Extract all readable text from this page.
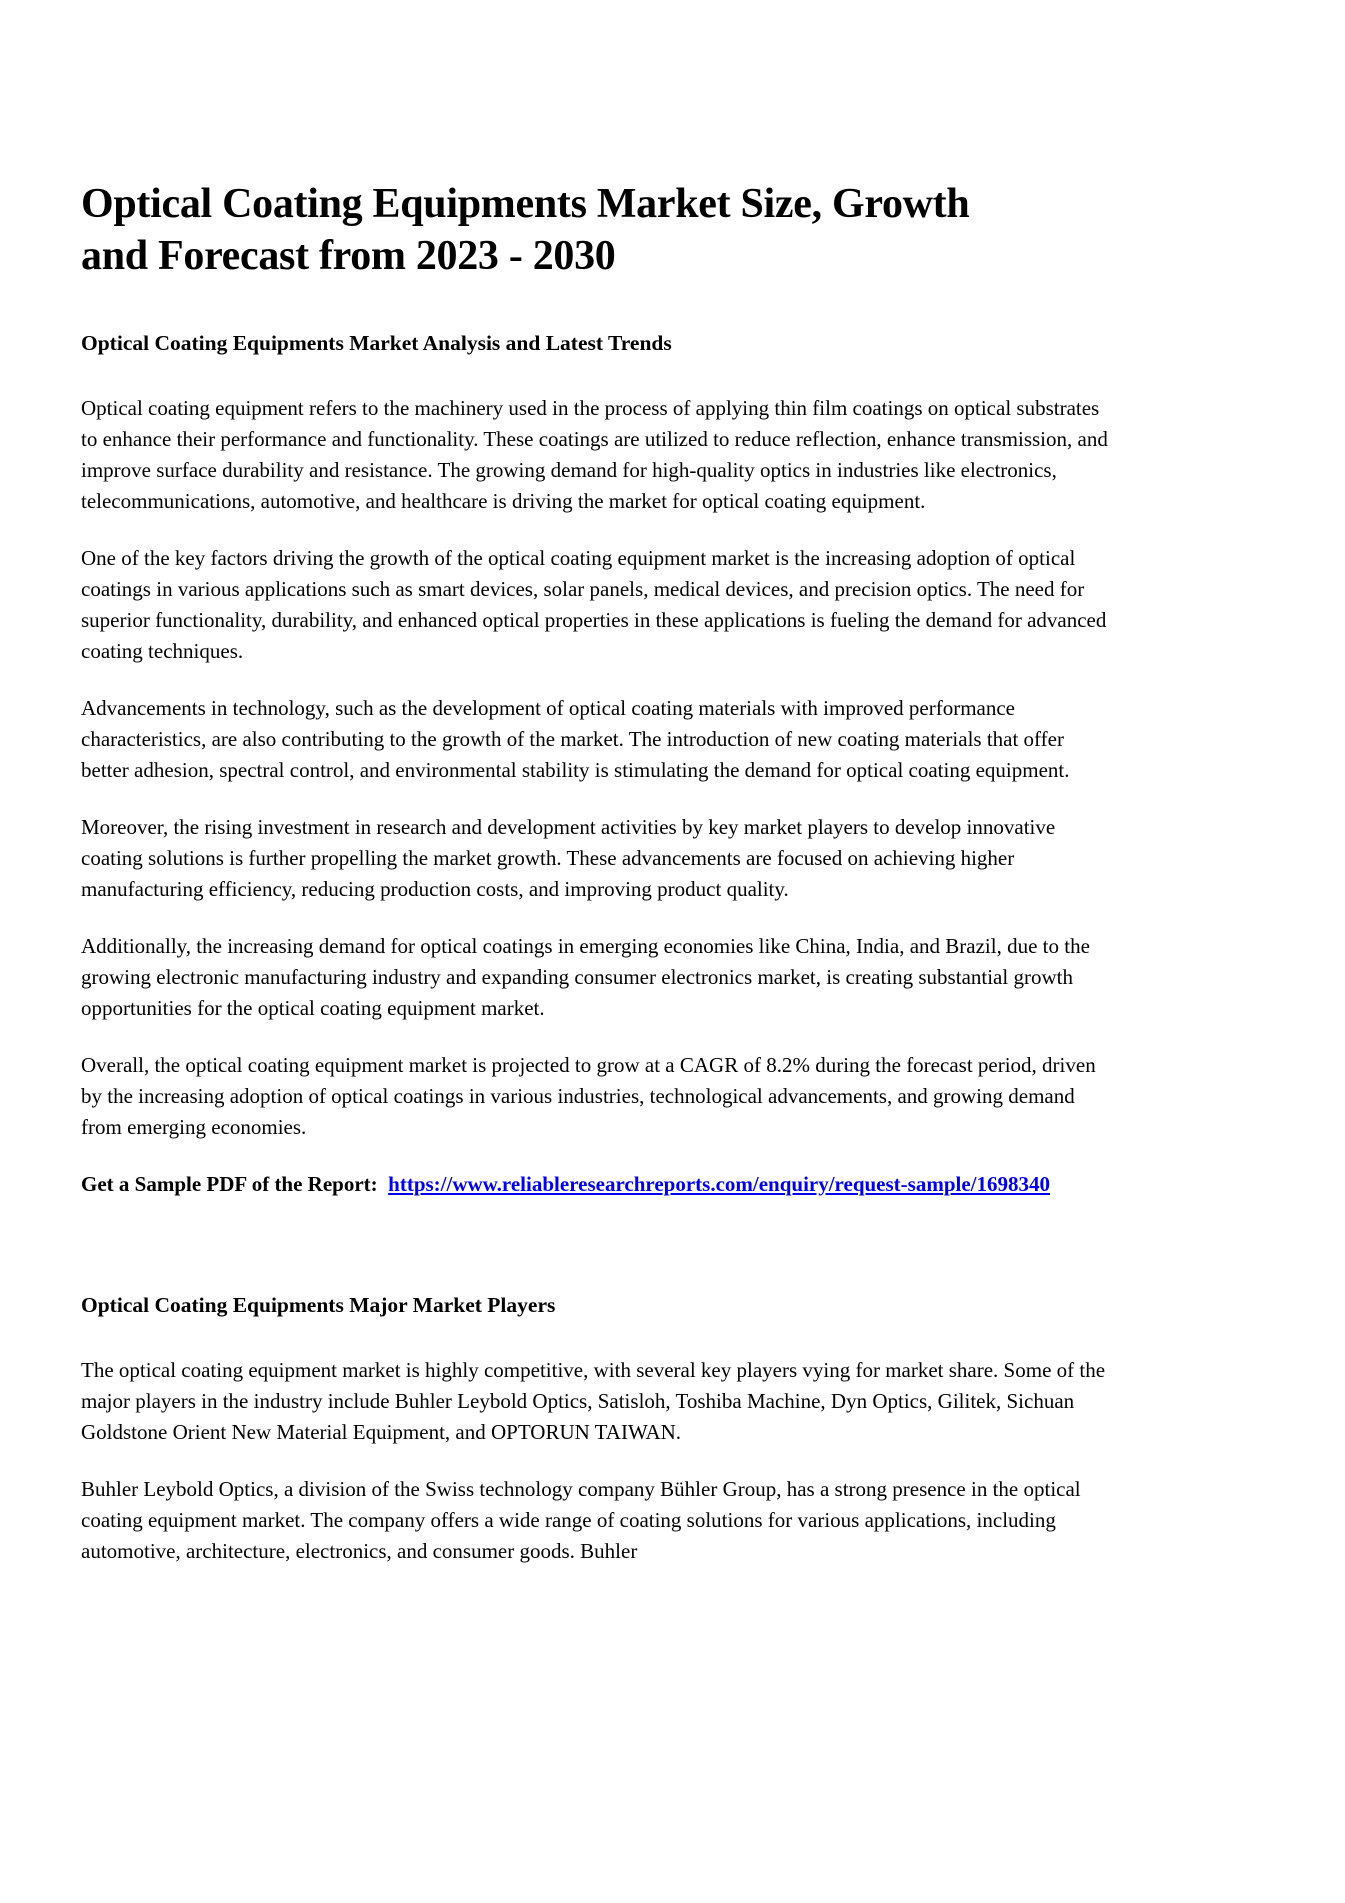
Optical Coating Equipments Market Size, Growth and Forecast from 2023 - 2030
Optical Coating Equipments Market Analysis and Latest Trends

Optical coating equipment refers to the machinery used in the process of applying thin film coatings on optical substrates to enhance their performance and functionality. These coatings are utilized to reduce reflection, enhance transmission, and improve surface durability and resistance. The growing demand for high-quality optics in industries like electronics, telecommunications, automotive, and healthcare is driving the market for optical coating equipment.

One of the key factors driving the growth of the optical coating equipment market is the increasing adoption of optical coatings in various applications such as smart devices, solar panels, medical devices, and precision optics. The need for superior functionality, durability, and enhanced optical properties in these applications is fueling the demand for advanced coating techniques.

Advancements in technology, such as the development of optical coating materials with improved performance characteristics, are also contributing to the growth of the market. The introduction of new coating materials that offer better adhesion, spectral control, and environmental stability is stimulating the demand for optical coating equipment.

Moreover, the rising investment in research and development activities by key market players to develop innovative coating solutions is further propelling the market growth. These advancements are focused on achieving higher manufacturing efficiency, reducing production costs, and improving product quality.

Additionally, the increasing demand for optical coatings in emerging economies like China, India, and Brazil, due to the growing electronic manufacturing industry and expanding consumer electronics market, is creating substantial growth opportunities for the optical coating equipment market.

Overall, the optical coating equipment market is projected to grow at a CAGR of 8.2% during the forecast period, driven by the increasing adoption of optical coatings in various industries, technological advancements, and growing demand from emerging economies.

Get a Sample PDF of the Report: https://www.reliableresearchreports.com/enquiry/request-sample/1698340

Optical Coating Equipments Major Market Players

The optical coating equipment market is highly competitive, with several key players vying for market share. Some of the major players in the industry include Buhler Leybold Optics, Satisloh, Toshiba Machine, Dyn Optics, Gilitek, Sichuan Goldstone Orient New Material Equipment, and OPTORUN TAIWAN.

Buhler Leybold Optics, a division of the Swiss technology company Bühler Group, has a strong presence in the optical coating equipment market. The company offers a wide range of coating solutions for various applications, including automotive, architecture, electronics, and consumer goods. Buhler
